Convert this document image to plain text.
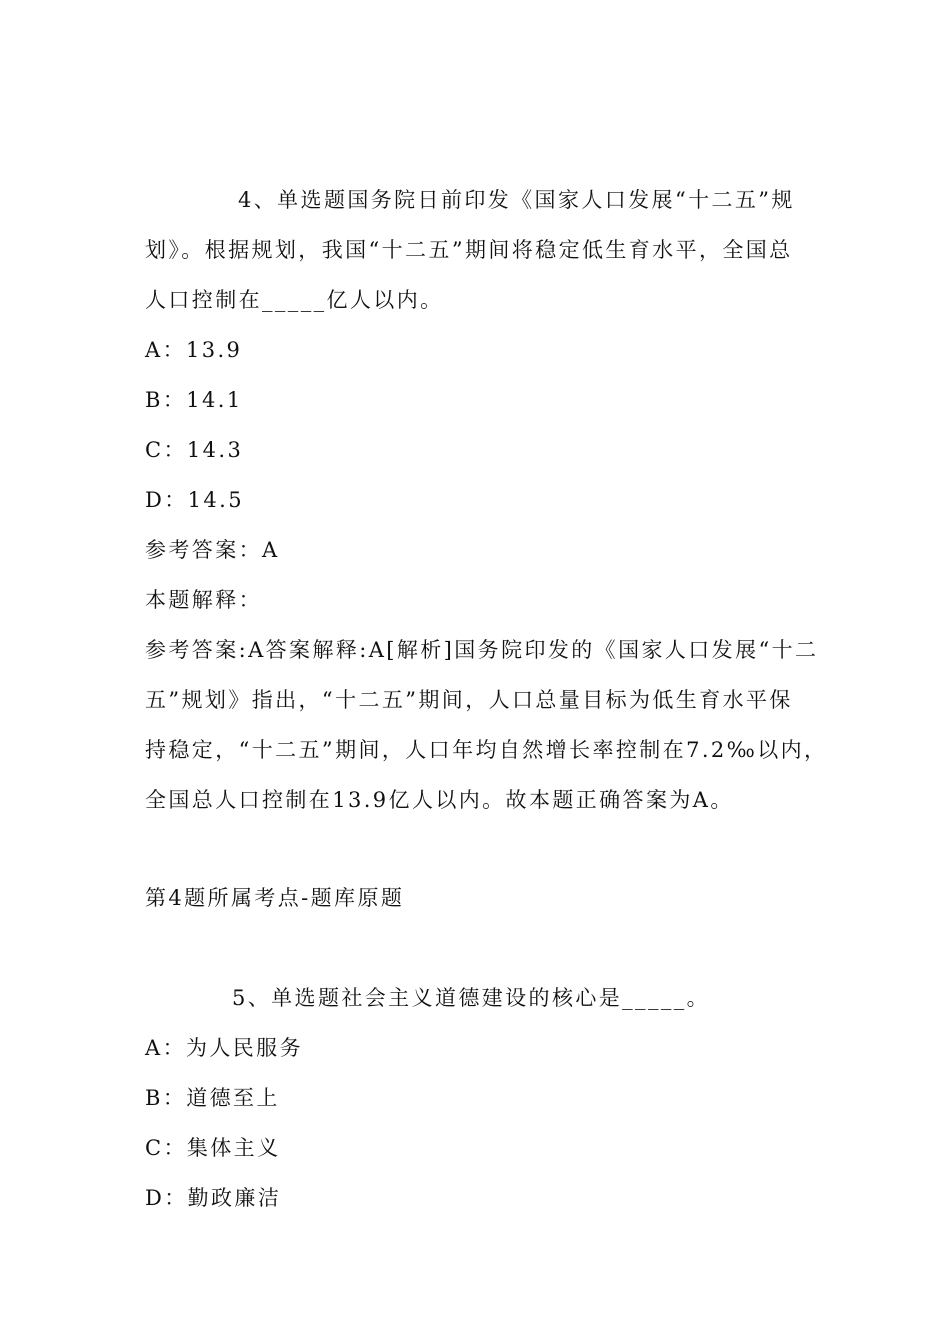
4、单选题国务院日前印发《国家人口发展“十二五”规
划》。根据规划，我国“十二五”期间将稳定低生育水平，全国总
人口控制在_____亿人以内。
A：13.9
B：14.1
C：14.3
D：14.5
参考答案：A
本题解释：
参考答案:A答案解释:A[解析]国务院印发的《国家人口发展“十二
五”规划》指出，“十二五”期间，人口总量目标为低生育水平保
持稳定，“十二五”期间，人口年均自然增长率控制在7.2‰以内，
全国总人口控制在13.9亿人以内。故本题正确答案为A。
第4题所属考点-题库原题
5、单选题社会主义道德建设的核心是_____。
A：为人民服务
B：道德至上
C：集体主义
D：勤政廉洁
